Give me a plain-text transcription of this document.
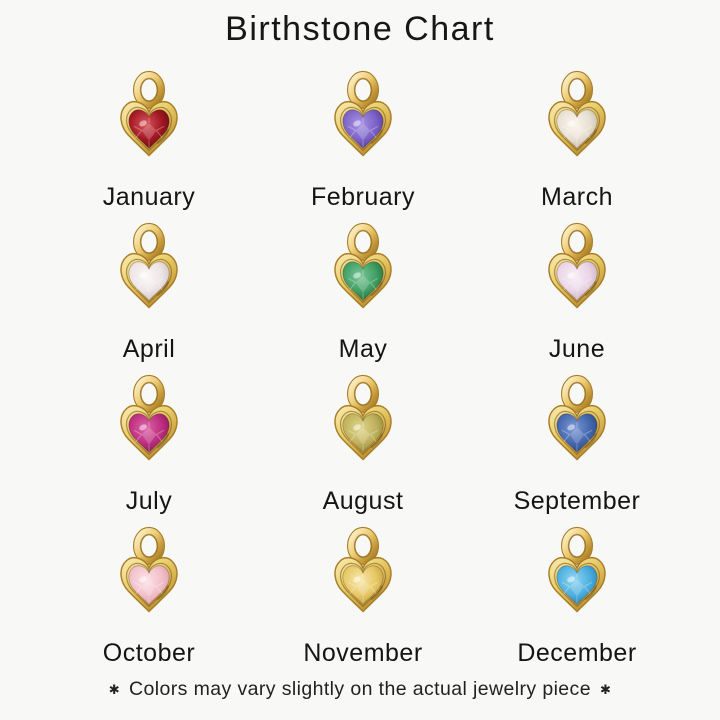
Birthstone Chart
January	February	March
April	May	June
July	August	September
October	November	December
✱ Colors may vary slightly on the actual jewelry piece ✱
